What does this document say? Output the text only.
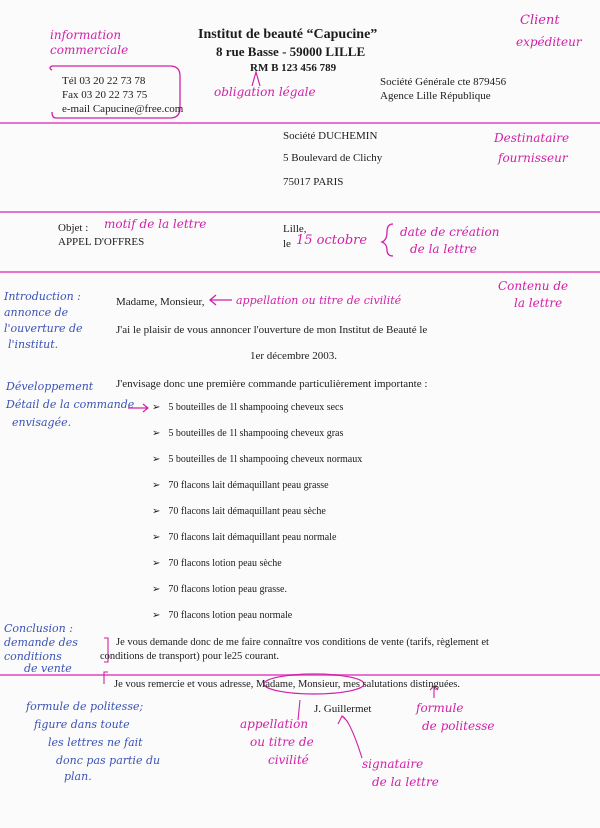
Institut de beauté “Capucine”
8 rue Basse - 59000 LILLE
RM B 123 456 789
Tél 03 20 22 73 78
Fax 03 20 22 73 75
e-mail Capucine@free.com
Société Générale cte 879456
Agence Lille République
information commerciale
Client
expéditeur
obligation légale
Société DUCHEMIN
5 Boulevard de Clichy
75017 PARIS
Destinataire
fournisseur
Objet : motif de la lettre
APPEL D'OFFRES
Lille,
le 15 octobre
date de création
de la lettre
Contenu de
la lettre
Introduction :
annonce de
l'ouverture de
l'institut.
Madame, Monsieur,	appellation ou titre de civilité
J'ai le plaisir de vous annoncer l'ouverture de mon Institut de Beauté le
1er décembre 2003.
Développement
Détail de la commande
envisagée.
J'envisage donc une première commande particulièrement importante :
➢ 5 bouteilles de 1l shampooing cheveux secs
➢ 5 bouteilles de 1l shampooing cheveux gras
➢ 5 bouteilles de 1l shampooing cheveux normaux
➢ 70 flacons lait démaquillant peau grasse
➢ 70 flacons lait démaquillant peau sèche
➢ 70 flacons lait démaquillant peau normale
➢ 70 flacons lotion peau sèche
➢ 70 flacons lotion peau grasse.
➢ 70 flacons lotion peau normale
Conclusion :
demande des
conditions
de vente
Je vous demande donc de me faire connaître vos conditions de vente (tarifs, règlement et
conditions de transport) pour le25 courant.
Je vous remercie et vous adresse, Madame, Monsieur, mes salutations distinguées.
J. Guillermet
formule de politesse;
figure dans toute
les lettres ne fait
donc pas partie du
plan.
appellation
ou titre de
civilité	signataire
de la lettre
formule
de politesse
